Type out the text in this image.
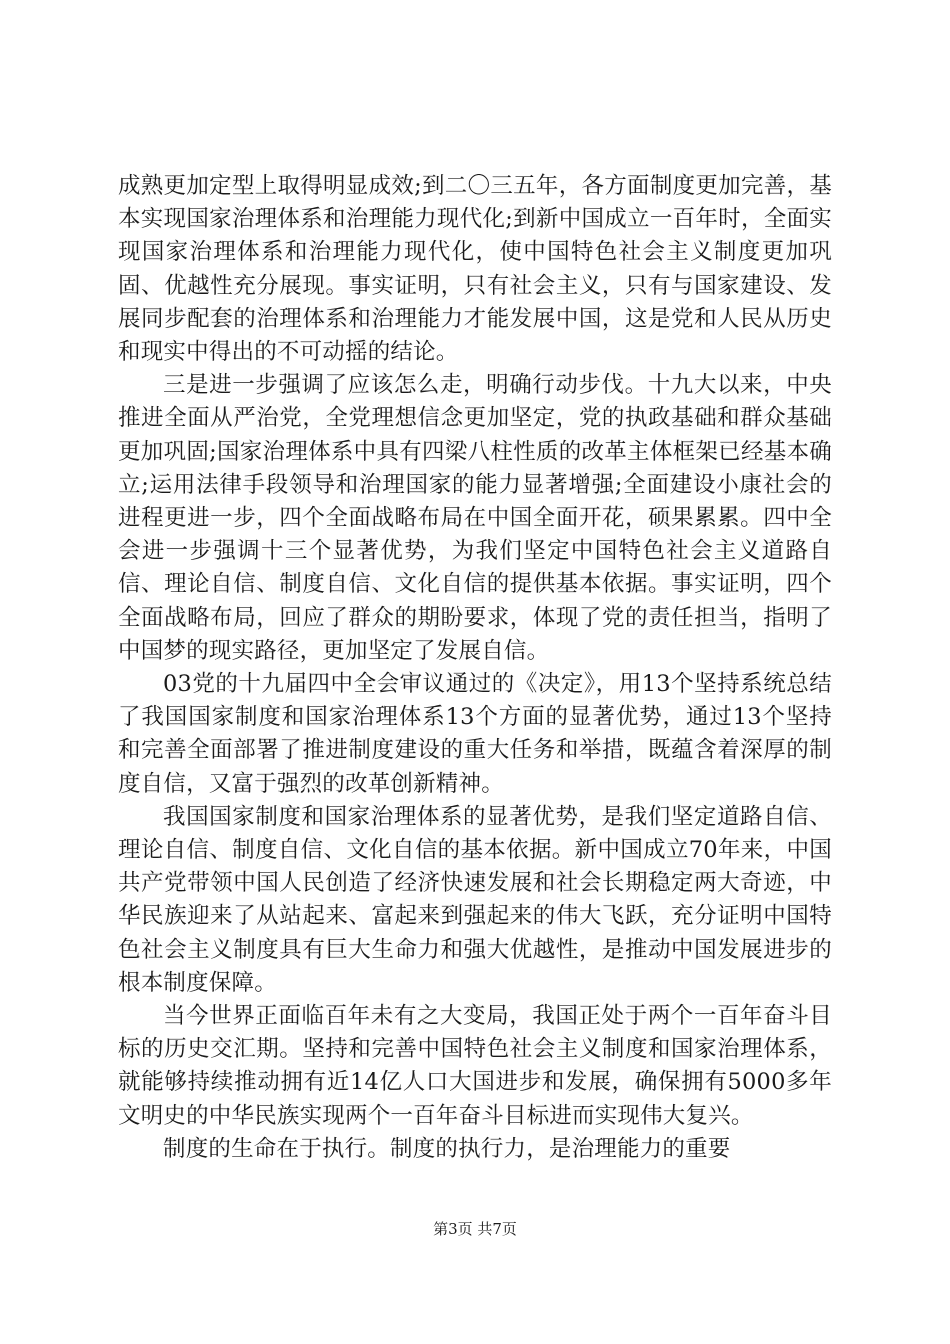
成熟更加定型上取得明显成效;到二〇三五年，各方面制度更加完善，基本实现国家治理体系和治理能力现代化;到新中国成立一百年时，全面实现国家治理体系和治理能力现代化，使中国特色社会主义制度更加巩固、优越性充分展现。事实证明，只有社会主义，只有与国家建设、发展同步配套的治理体系和治理能力才能发展中国，这是党和人民从历史和现实中得出的不可动摇的结论。

三是进一步强调了应该怎么走，明确行动步伐。十九大以来，中央推进全面从严治党，全党理想信念更加坚定，党的执政基础和群众基础更加巩固;国家治理体系中具有四梁八柱性质的改革主体框架已经基本确立;运用法律手段领导和治理国家的能力显著增强;全面建设小康社会的进程更进一步，四个全面战略布局在中国全面开花，硕果累累。四中全会进一步强调十三个显著优势，为我们坚定中国特色社会主义道路自信、理论自信、制度自信、文化自信的提供基本依据。事实证明，四个全面战略布局，回应了群众的期盼要求，体现了党的责任担当，指明了中国梦的现实路径，更加坚定了发展自信。

03党的十九届四中全会审议通过的《决定》，用13个坚持系统总结了我国国家制度和国家治理体系13个方面的显著优势，通过13个坚持和完善全面部署了推进制度建设的重大任务和举措，既蕴含着深厚的制度自信，又富于强烈的改革创新精神。

我国国家制度和国家治理体系的显著优势，是我们坚定道路自信、理论自信、制度自信、文化自信的基本依据。新中国成立70年来，中国共产党带领中国人民创造了经济快速发展和社会长期稳定两大奇迹，中华民族迎来了从站起来、富起来到强起来的伟大飞跃，充分证明中国特色社会主义制度具有巨大生命力和强大优越性，是推动中国发展进步的根本制度保障。

当今世界正面临百年未有之大变局，我国正处于两个一百年奋斗目标的历史交汇期。坚持和完善中国特色社会主义制度和国家治理体系，就能够持续推动拥有近14亿人口大国进步和发展，确保拥有5000多年文明史的中华民族实现两个一百年奋斗目标进而实现伟大复兴。

制度的生命在于执行。制度的执行力，是治理能力的重要

第3页 共7页
